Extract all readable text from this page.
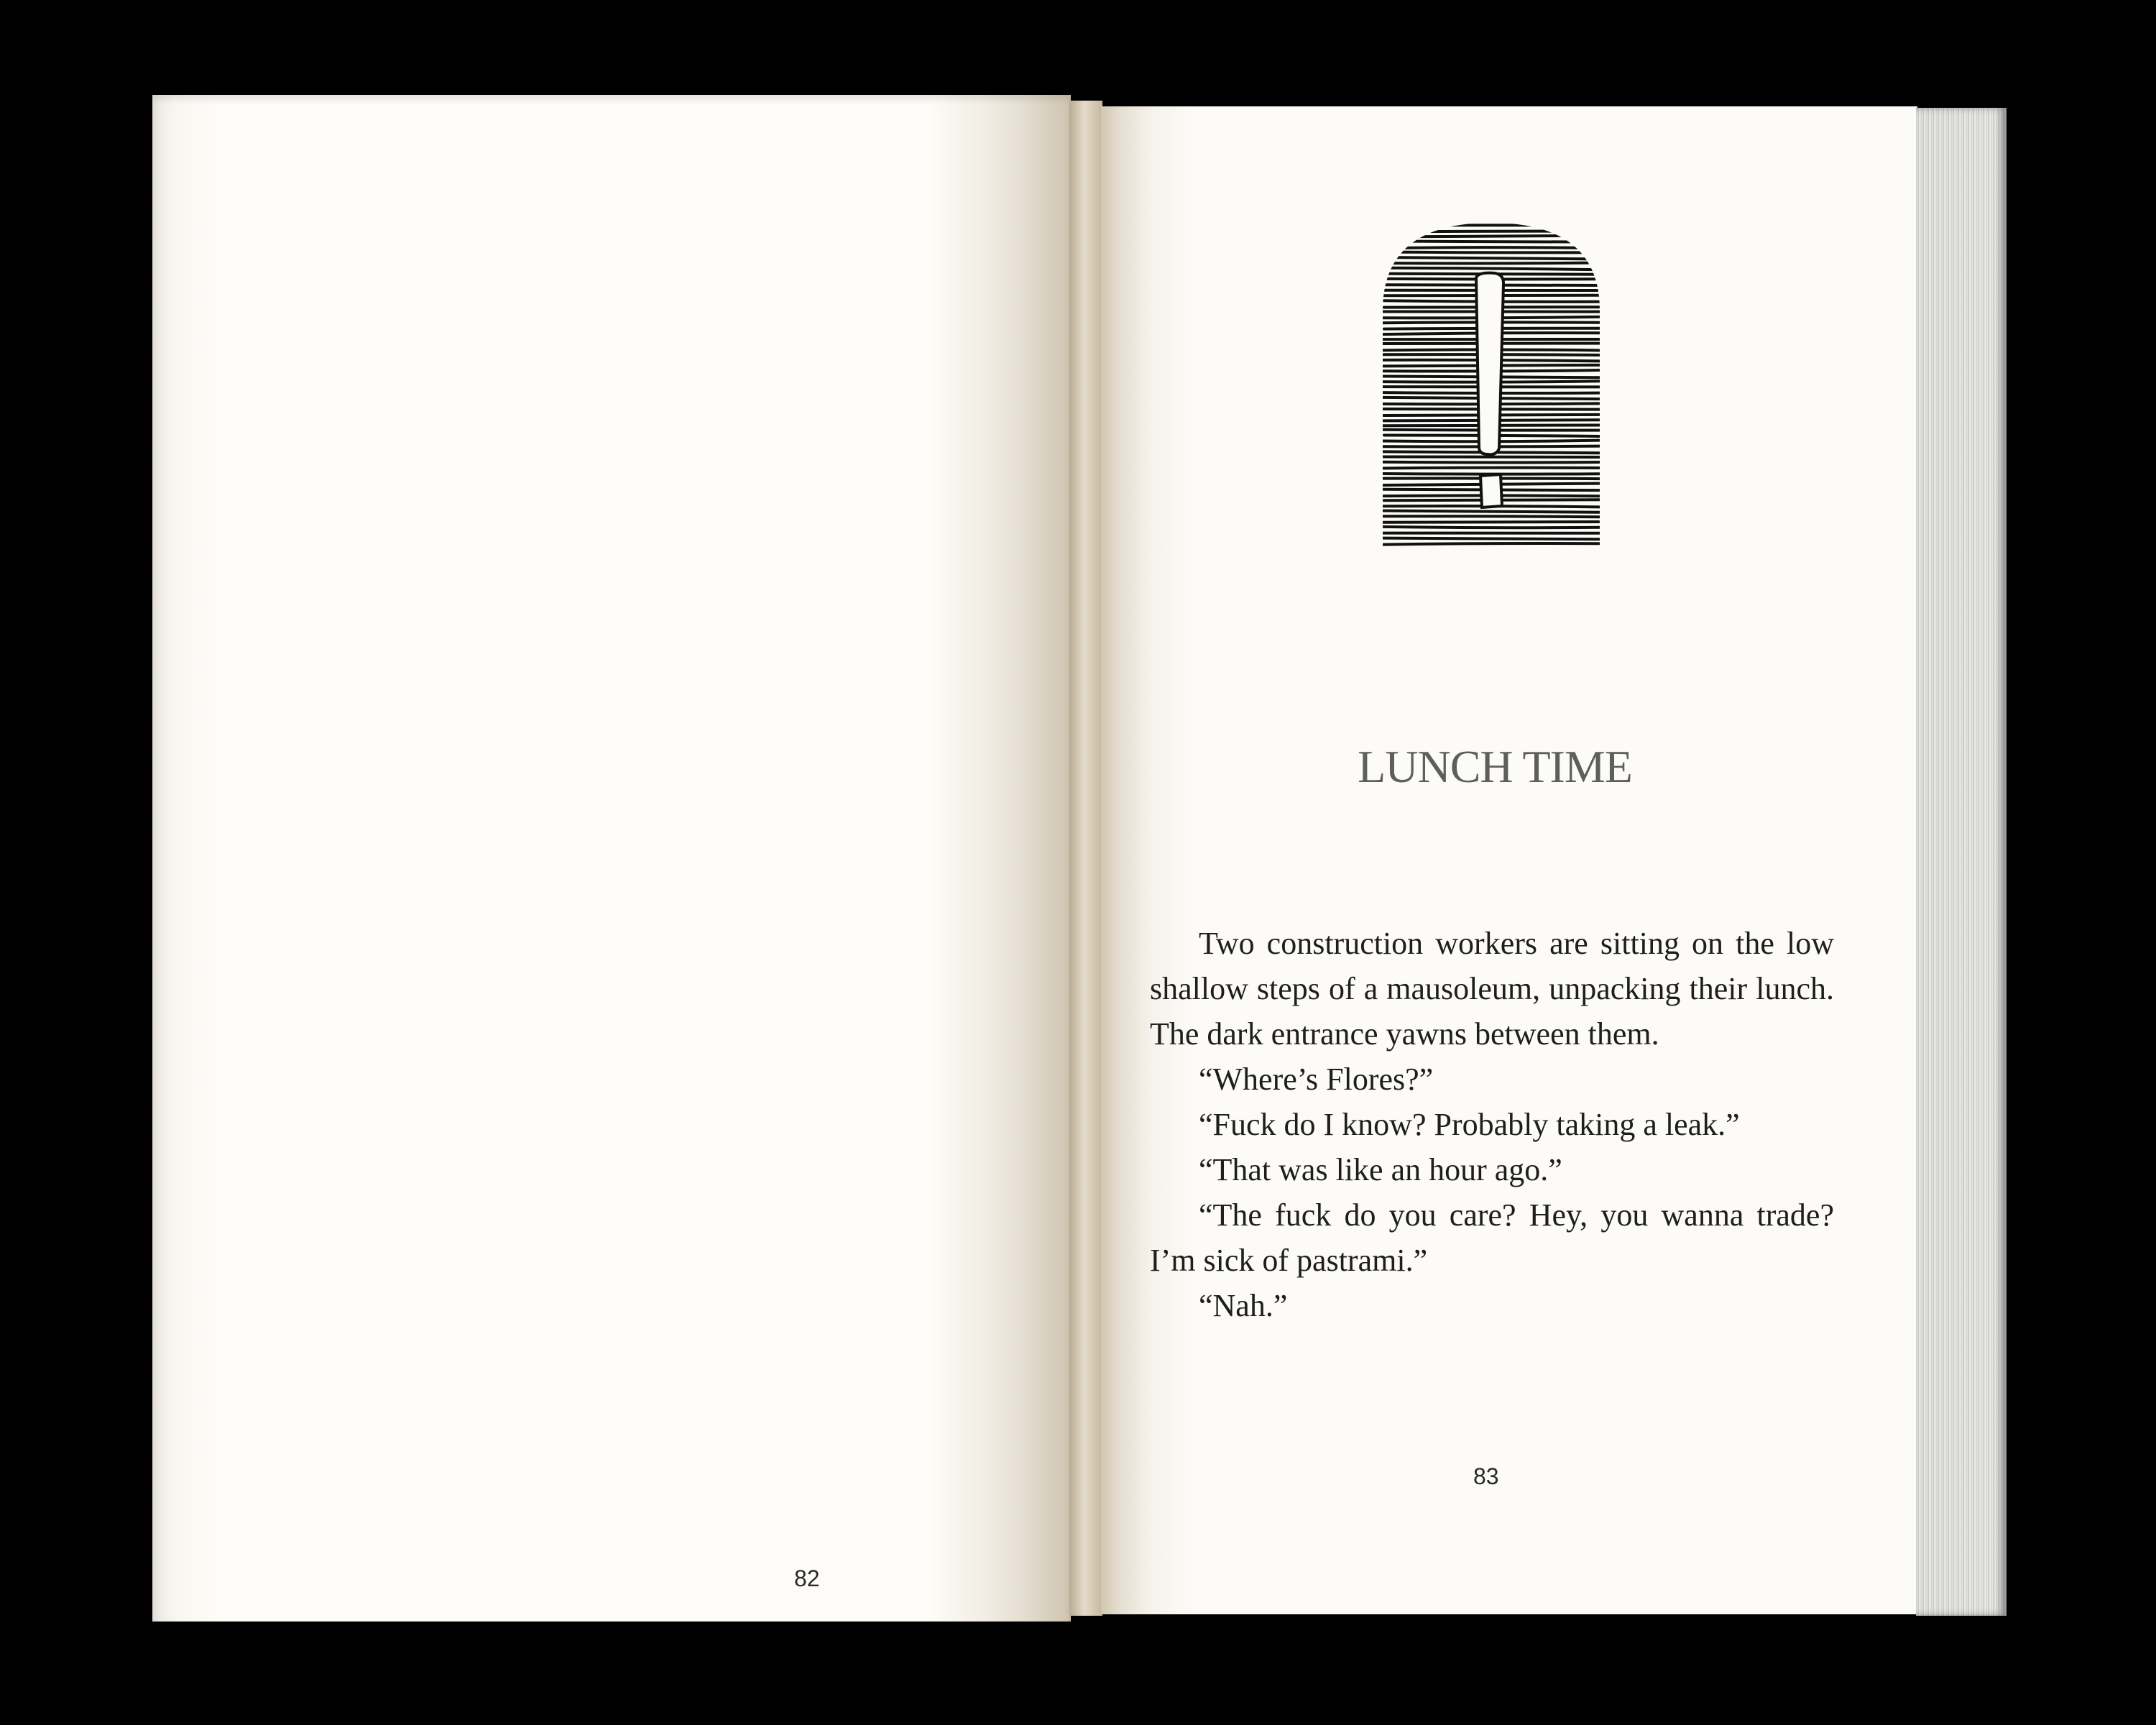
82

LUNCH TIME

Two construction workers are sitting on the low shallow steps of a mausoleum, unpacking their lunch. The dark entrance yawns between them.

“Where’s Flores?”

“Fuck do I know? Probably taking a leak.”

“That was like an hour ago.”

“The fuck do you care? Hey, you wanna trade? I’m sick of pastrami.”

“Nah.”

83
